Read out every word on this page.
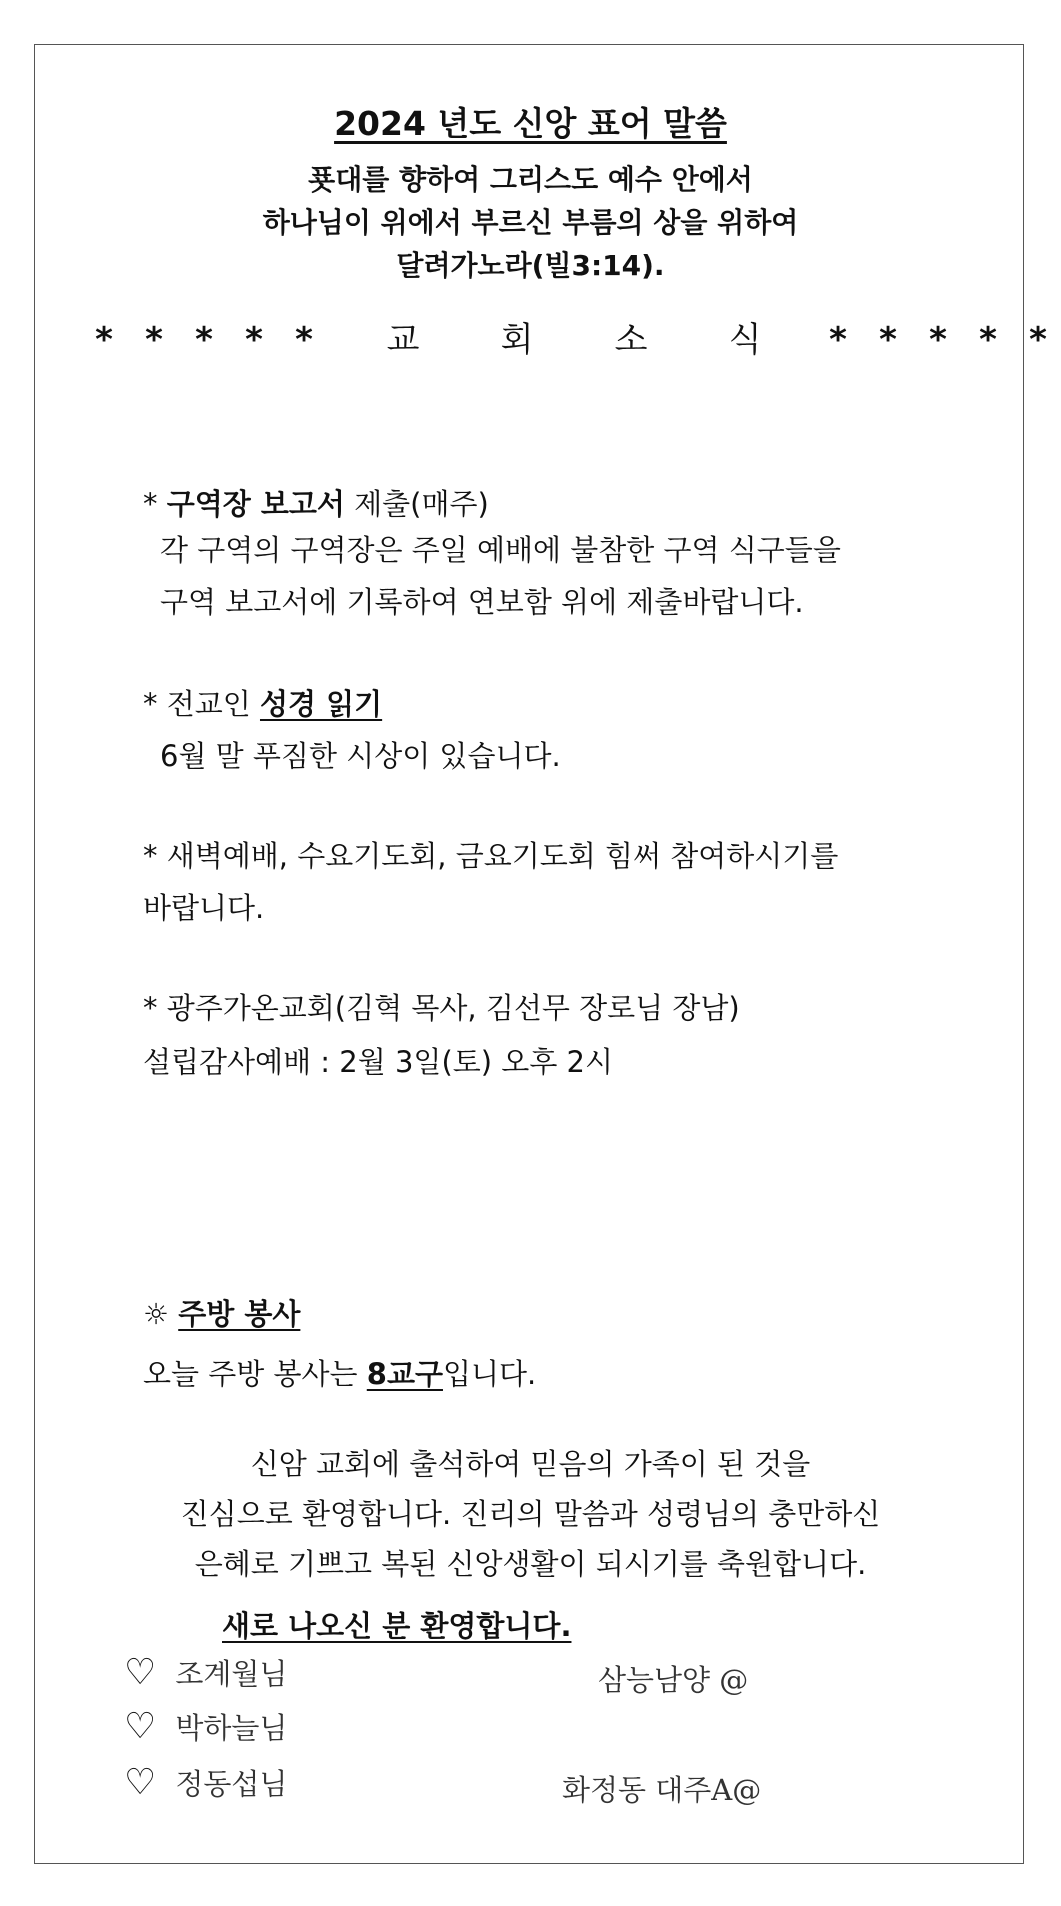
2024 년도 신앙 표어 말씀
푯대를 향하여 그리스도 예수 안에서
하나님이 위에서 부르신 부름의 상을 위하여
달려가노라(빌3:14).
* * * * * 교 회 소 식 * * * * *
* 구역장 보고서 제출(매주)
각 구역의 구역장은 주일 예배에 불참한 구역 식구들을
구역 보고서에 기록하여 연보함 위에 제출바랍니다.
* 전교인 성경 읽기
6월 말 푸짐한 시상이 있습니다.
* 새벽예배, 수요기도회, 금요기도회 힘써 참여하시기를
바랍니다.
* 광주가온교회(김혁 목사, 김선무 장로님 장남)
설립감사예배 : 2월 3일(토) 오후 2시
☼ 주방 봉사
오늘 주방 봉사는 8교구입니다.
신암 교회에 출석하여 믿음의 가족이 된 것을
진심으로 환영합니다. 진리의 말씀과 성령님의 충만하신
은혜로 기쁘고 복된 신앙생활이 되시기를 축원합니다.
새로 나오신 분 환영합니다.
♡ 조계월님	삼능남양 @
♡ 박하늘님
♡ 정동섭님	화정동 대주A@
